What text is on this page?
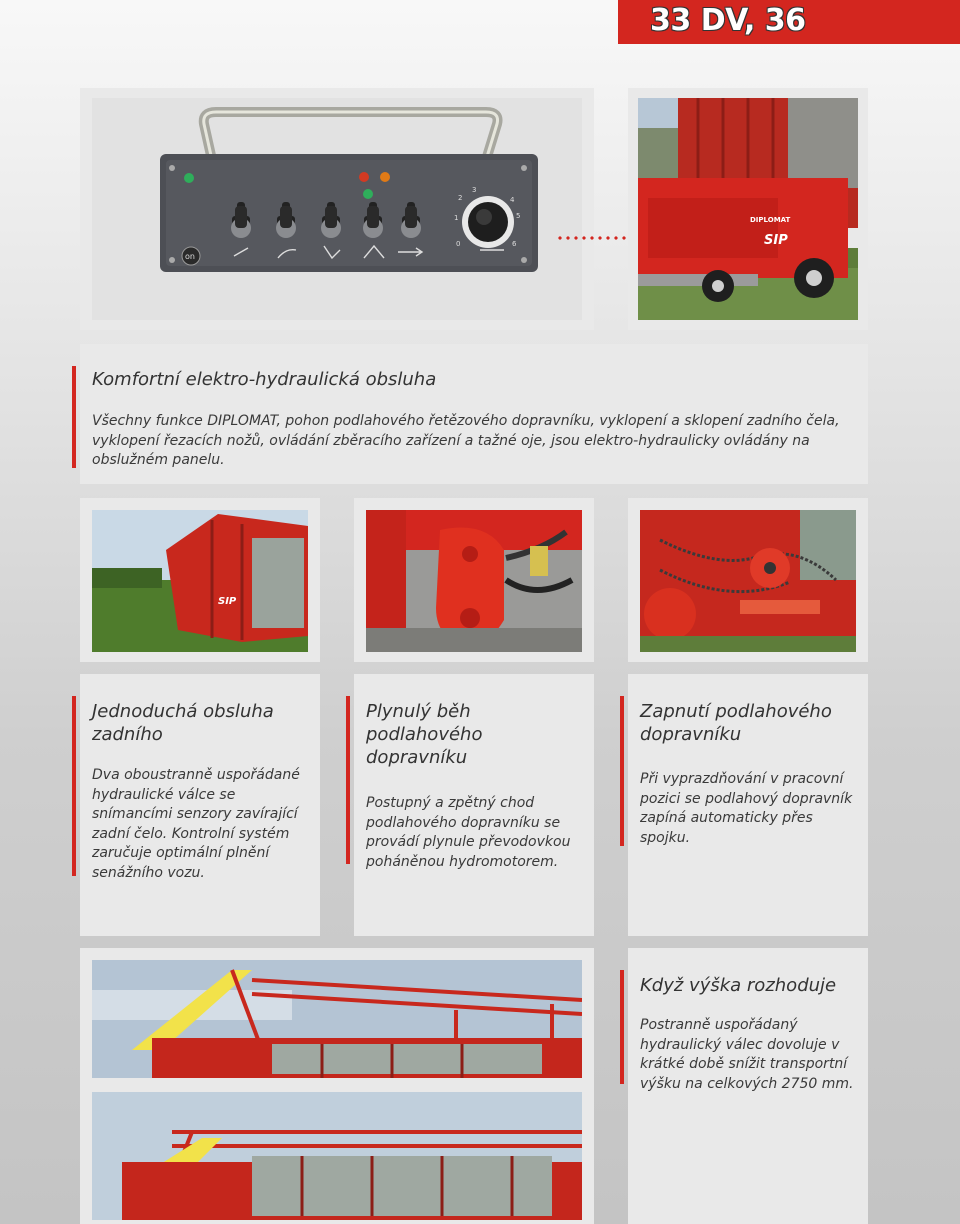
33 DV, 36
1
2
3
4
5
6
0
on
DIPLOMAT
SIP
Komfortní elektro-hydraulická obsluha
Všechny funkce DIPLOMAT, pohon podlahového řetězového dopravníku, vyklopení a sklopení zadního čela, vyklopení řezacích nožů, ovládání zběracího zařízení a tažné oje, jsou elektro-hydraulicky ovládány na obslužném panelu.
SIP
Jednoduchá obsluha zadního
Dva oboustranně uspořádané hydraulické válce se snímancími senzory zavírající zadní čelo. Kontrolní systém zaručuje optimální plnění senážního vozu.
Plynulý běh podlahového dopravníku
Postupný a zpětný chod podlahového dopravníku se provádí plynule převodovkou poháněnou hydromotorem.
Zapnutí podlahového dopravníku
Při vyprazdňování v pracovní pozici se podlahový dopravník zapíná automaticky přes spojku.
Když výška rozhoduje
Postranně uspořádaný hydraulický válec dovoluje v krátké době snížit transportní výšku na celkových 2750 mm.
